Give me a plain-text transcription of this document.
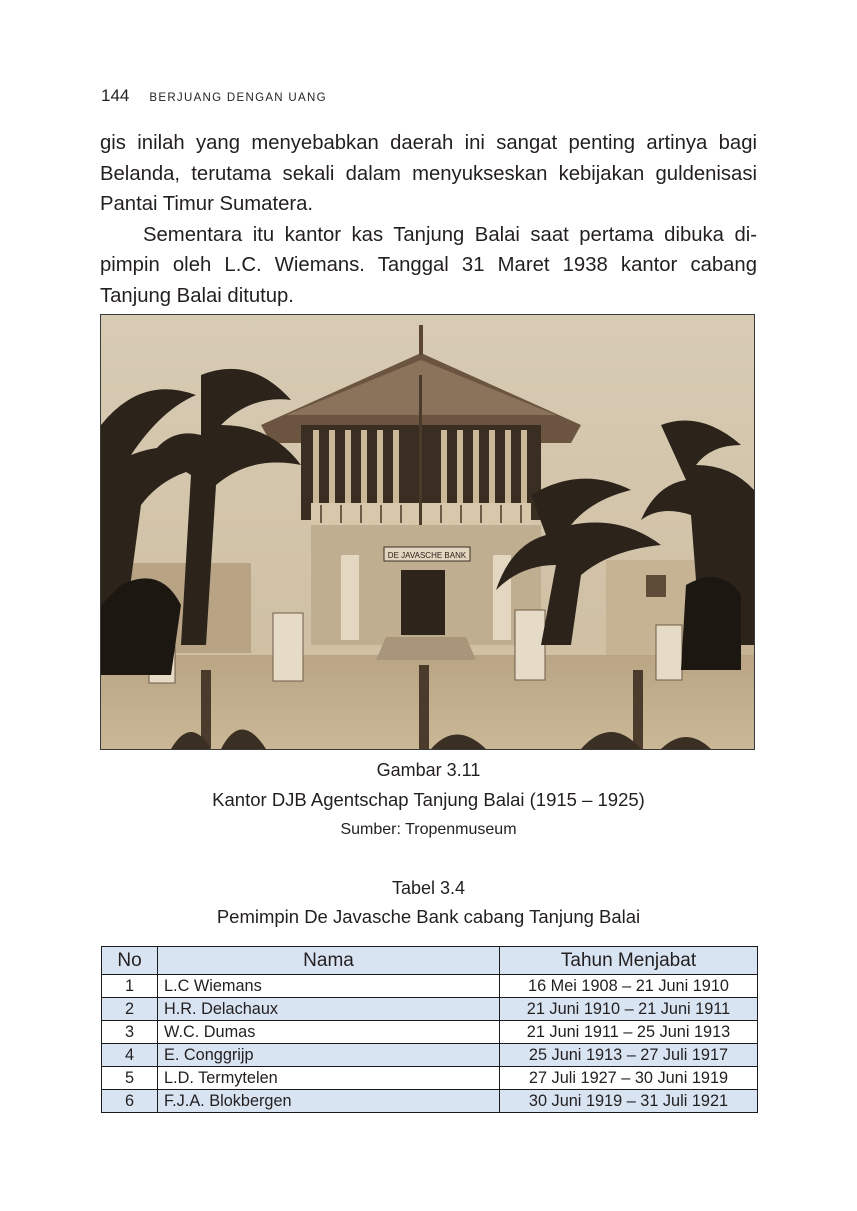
144 BERJUANG DENGAN UANG

gis inilah yang menyebabkan daerah ini sangat penting artinya bagi Belanda, terutama sekali dalam menyukseskan kebijakan guldenisasi Pantai Timur Sumatera.

Sementara itu kantor kas Tanjung Balai saat pertama dibuka di-pimpin oleh L.C. Wiemans. Tanggal 31 Maret 1938 kantor cabang Tanjung Balai ditutup.

DE JAVASCHE BANK
Gambar 3.11
Kantor DJB Agentschap Tanjung Balai (1915 – 1925)
Sumber: Tropenmuseum
Tabel 3.4
Pemimpin De Javasche Bank cabang Tanjung Balai
No	Nama	Tahun Menjabat
1	L.C Wiemans	16 Mei 1908 – 21 Juni 1910
2	H.R. Delachaux	21 Juni 1910 – 21 Juni 1911
3	W.C. Dumas	21 Juni 1911 – 25 Juni 1913
4	E. Conggrijp	25 Juni 1913 – 27 Juli 1917
5	L.D. Termytelen	27 Juli 1927 – 30 Juni 1919
6	F.J.A. Blokbergen	30 Juni 1919 – 31 Juli 1921
